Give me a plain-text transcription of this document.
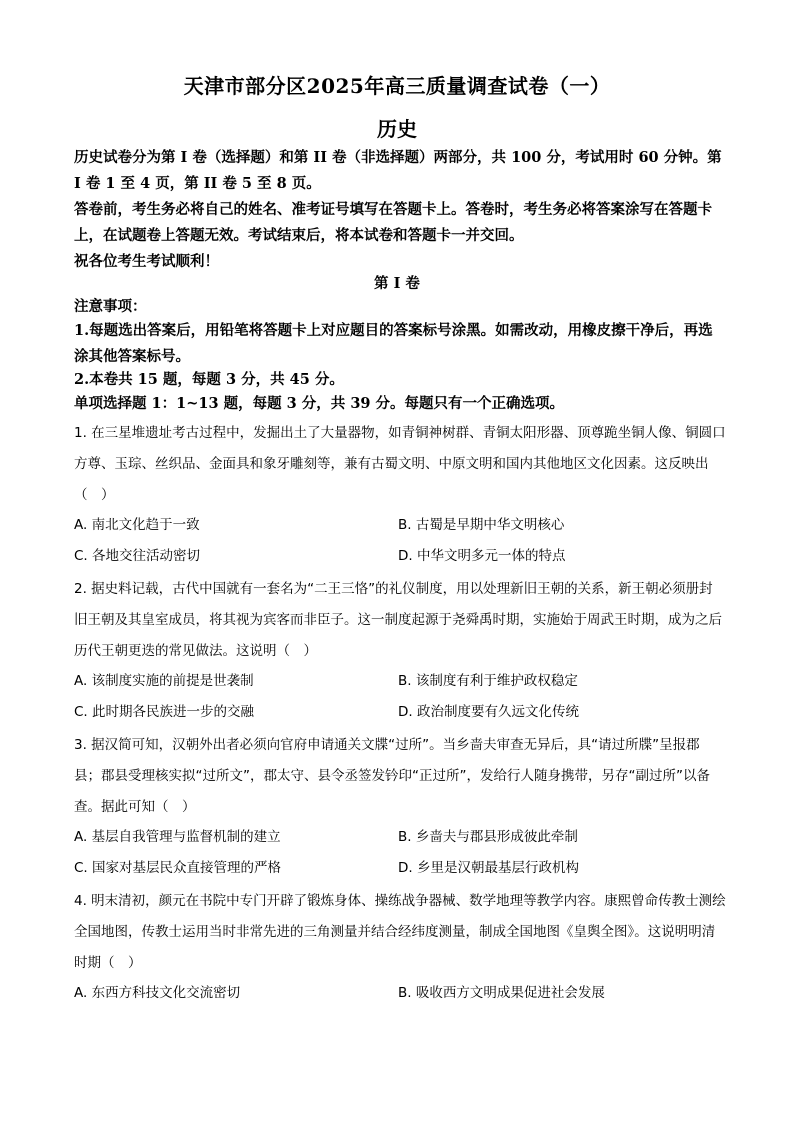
天津市部分区2025年高三质量调查试卷（一）
历史
历史试卷分为第 I 卷（选择题）和第 II 卷（非选择题）两部分，共 100 分，考试用时 60 分钟。第 I 卷 1 至 4 页，第 II 卷 5 至 8 页。
答卷前，考生务必将自己的姓名、准考证号填写在答题卡上。答卷时，考生务必将答案涂写在答题卡上，在试题卷上答题无效。考试结束后，将本试卷和答题卡一并交回。
祝各位考生考试顺利！
第 I 卷
注意事项：
1.每题选出答案后，用铅笔将答题卡上对应题目的答案标号涂黑。如需改动，用橡皮擦干净后，再选涂其他答案标号。
2.本卷共 15 题，每题 3 分，共 45 分。
单项选择题 1：1~13 题，每题 3 分，共 39 分。每题只有一个正确选项。
1. 在三星堆遗址考古过程中，发掘出土了大量器物，如青铜神树群、青铜太阳形器、顶尊跪坐铜人像、铜圆口方尊、玉琮、丝织品、金面具和象牙雕刻等，兼有古蜀文明、中原文明和国内其他地区文化因素。这反映出（　）
A. 南北文化趋于一致	B. 古蜀是早期中华文明核心
C. 各地交往活动密切	D. 中华文明多元一体的特点
2. 据史料记载，古代中国就有一套名为“二王三恪”的礼仪制度，用以处理新旧王朝的关系，新王朝必须册封旧王朝及其皇室成员，将其视为宾客而非臣子。这一制度起源于尧舜禹时期，实施始于周武王时期，成为之后历代王朝更迭的常见做法。这说明（　）
A. 该制度实施的前提是世袭制	B. 该制度有利于维护政权稳定
C. 此时期各民族进一步的交融	D. 政治制度要有久远文化传统
3. 据汉简可知，汉朝外出者必须向官府申请通关文牒“过所”。当乡啬夫审查无异后，具“请过所牒”呈报郡县；郡县受理核实拟“过所文”，郡太守、县令丞签发钤印“正过所”，发给行人随身携带，另存“副过所”以备查。据此可知（　）
A. 基层自我管理与监督机制的建立	B. 乡啬夫与郡县形成彼此牵制
C. 国家对基层民众直接管理的严格	D. 乡里是汉朝最基层行政机构
4. 明末清初，颜元在书院中专门开辟了锻炼身体、操练战争器械、数学地理等教学内容。康熙曾命传教士测绘全国地图，传教士运用当时非常先进的三角测量并结合经纬度测量，制成全国地图《皇舆全图》。这说明明清时期（　）
A. 东西方科技文化交流密切	B. 吸收西方文明成果促进社会发展
